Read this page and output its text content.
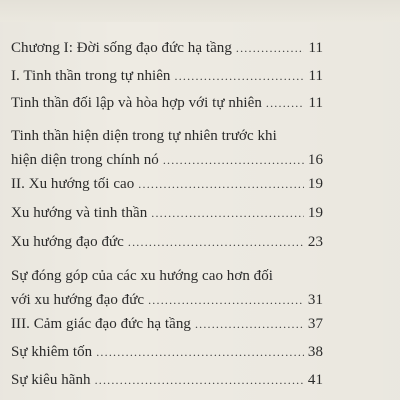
Chương I: Đời sống đạo đức hạ tầng .....	11
I. Tinh thần trong tự nhiên .....	11
Tinh thần đối lập và hòa hợp với tự nhiên .....	11
Tinh thần hiện diện trong tự nhiên trước khi
hiện diện trong chính nó .....	16
II. Xu hướng tối cao .....	19
Xu hướng và tinh thần .....	19
Xu hướng đạo đức .....	23
Sự đóng góp của các xu hướng cao hơn đối
với xu hướng đạo đức .....	31
III. Cảm giác đạo đức hạ tầng .....	37
Sự khiêm tốn .....	38
Sự kiêu hãnh .....	41
